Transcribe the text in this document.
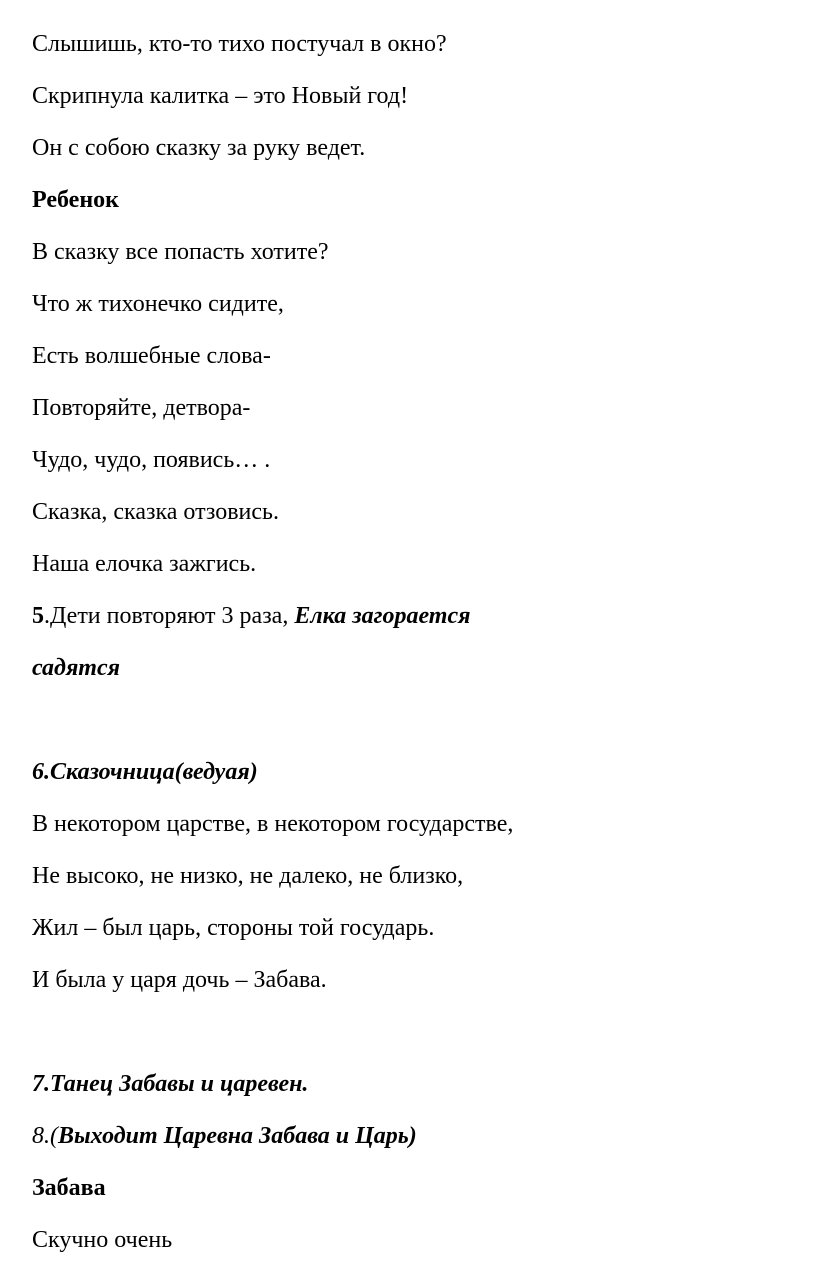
Слышишь, кто-то тихо постучал в окно?
Скрипнула калитка – это Новый год!
Он с собою сказку за руку ведет.
Ребенок
В сказку все попасть хотите?
Что ж тихонечко сидите,
Есть волшебные слова-
Повторяйте, детвора-
Чудо, чудо, появись… .
Сказка, сказка отзовись.
Наша елочка зажгись.
5.Дети повторяют 3 раза, Елка загорается
садятся
6.Сказочница(ведуая)
В некотором царстве, в некотором государстве,
Не высоко, не низко, не далеко, не близко,
Жил – был царь, стороны той государь.
И была у царя дочь – Забава.
7.Танец Забавы и царевен.
8.(Выходит Царевна Забава и Царь)
Забава
Скучно очень
